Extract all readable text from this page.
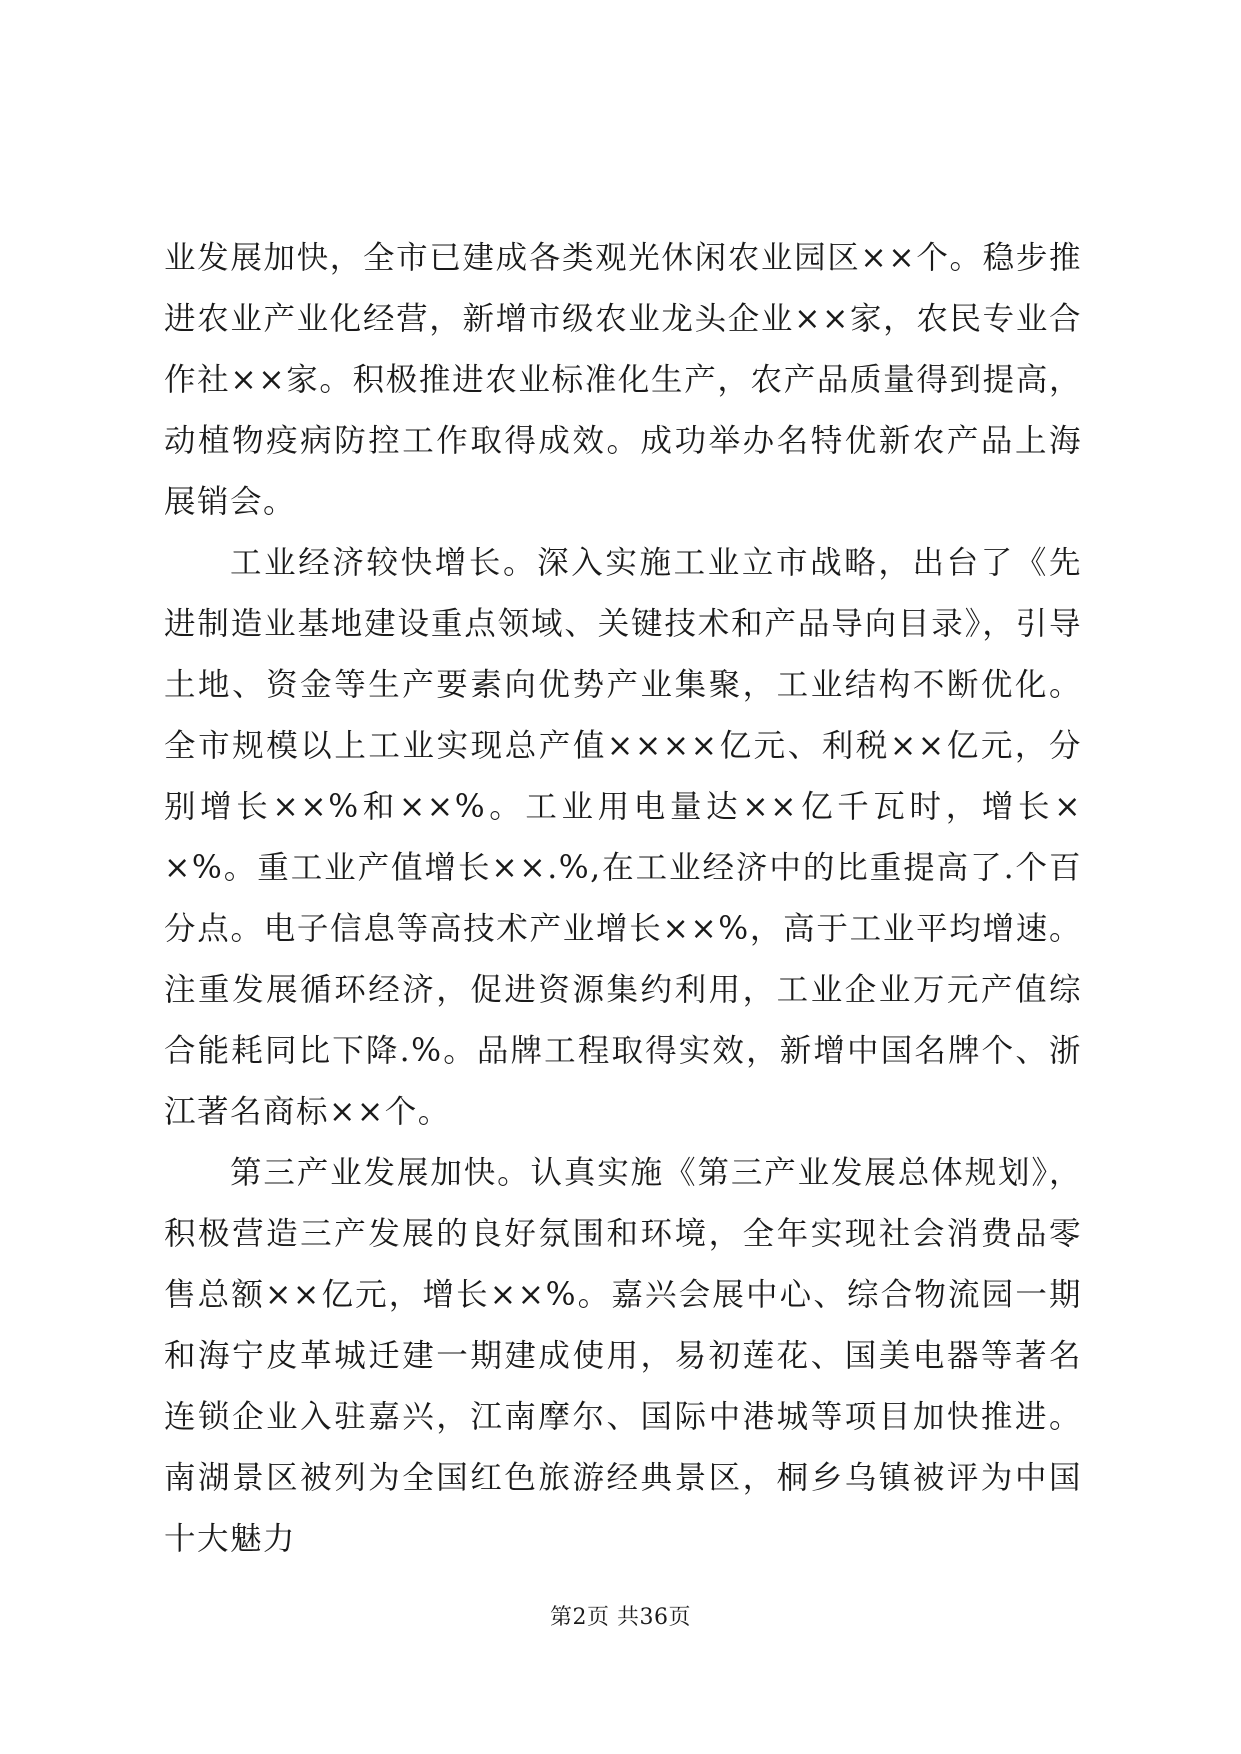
业发展加快，全市已建成各类观光休闲农业园区××个。稳步推进农业产业化经营，新增市级农业龙头企业××家，农民专业合作社××家。积极推进农业标准化生产，农产品质量得到提高，动植物疫病防控工作取得成效。成功举办名特优新农产品上海展销会。

工业经济较快增长。深入实施工业立市战略，出台了《先进制造业基地建设重点领域、关键技术和产品导向目录》，引导土地、资金等生产要素向优势产业集聚，工业结构不断优化。全市规模以上工业实现总产值××××亿元、利税××亿元，分别增长××%和××%。工业用电量达××亿千瓦时，增长××%。重工业产值增长××.%,在工业经济中的比重提高了.个百分点。电子信息等高技术产业增长××%，高于工业平均增速。注重发展循环经济，促进资源集约利用，工业企业万元产值综合能耗同比下降.%。品牌工程取得实效，新增中国名牌个、浙江著名商标××个。

第三产业发展加快。认真实施《第三产业发展总体规划》，积极营造三产发展的良好氛围和环境，全年实现社会消费品零售总额××亿元，增长××%。嘉兴会展中心、综合物流园一期和海宁皮革城迁建一期建成使用，易初莲花、国美电器等著名连锁企业入驻嘉兴，江南摩尔、国际中港城等项目加快推进。南湖景区被列为全国红色旅游经典景区，桐乡乌镇被评为中国十大魅力

第2页 共36页
